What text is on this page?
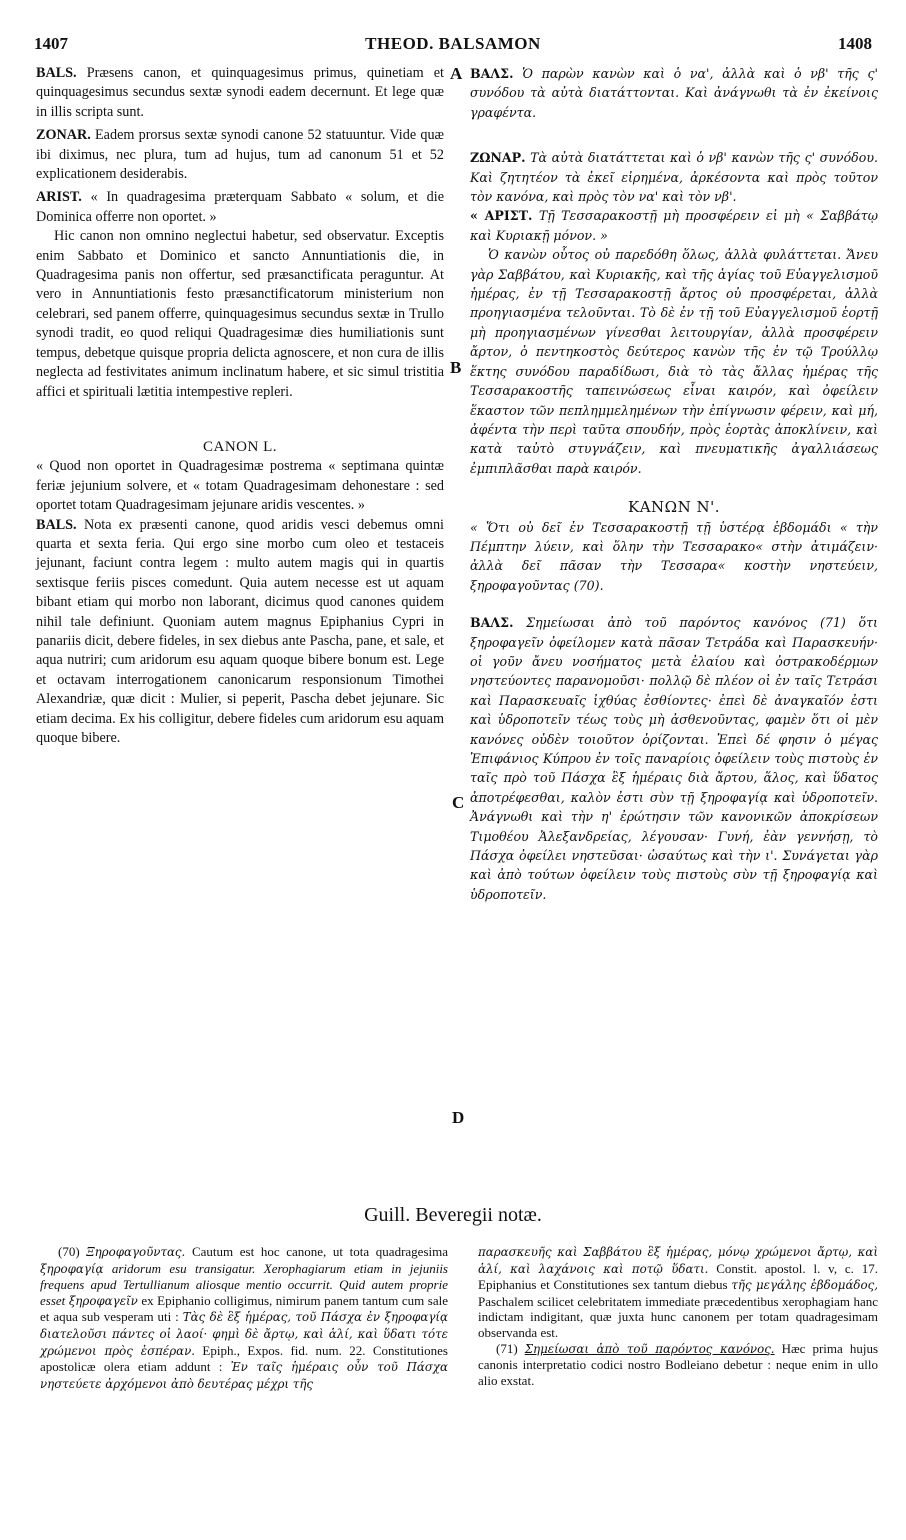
1407	THEOD. BALSAMON	1408
A
B
C
D

BALS. Præsens canon, et quinquagesimus primus, quinetiam et quinquagesimus secundus sextæ synodi eadem decernunt. Et lege quæ in illis scripta sunt.

ZONAR. Eadem prorsus sextæ synodi canone 52 statuuntur. Vide quæ ibi diximus, nec plura, tum ad hujus, tum ad canonum 51 et 52 explicationem desiderabis.

ARIST. « In quadragesima præterquam Sabbato « solum, et die Dominica offerre non oportet. »

Hic canon non omnino neglectui habetur, sed observatur. Exceptis enim Sabbato et Dominico et sancto Annuntiationis die, in Quadragesima panis non offertur, sed præsanctificata peraguntur. At vero in Annuntiationis festo præsanctificatorum ministerium non celebrari, sed panem offerre, quinquagesimus secundus sextæ in Trullo synodi tradit, eo quod reliqui Quadragesimæ dies humiliationis sunt tempus, debetque quisque propria delicta agnoscere, et non cura de illis neglecta ad festivitates animum inclinatum habere, et sic simul tristitia affici et spirituali lætitia intempestive repleri.

CANON L.

« Quod non oportet in Quadragesimæ postrema « septimana quintæ feriæ jejunium solvere, et « totam Quadragesimam dehonestare : sed oportet totam Quadragesimam jejunare aridis vescentes. »

BALS. Nota ex præsenti canone, quod aridis vesci debemus omni quarta et sexta feria. Qui ergo sine morbo cum oleo et testaceis jejunant, faciunt contra legem : multo autem magis qui in quartis sextisque feriis pisces comedunt. Quia autem necesse est ut aquam bibant etiam qui morbo non laborant, dicimus quod canones quidem nihil tale definiunt. Quoniam autem magnus Epiphanius Cypri in panariis dicit, debere fideles, in sex diebus ante Pascha, pane, et sale, et aqua nutriri; cum aridorum esu aquam quoque bibere bonum est. Lege et octavam interrogationem canonicarum responsionum Timothei Alexandriæ, quæ dicit : Mulier, si peperit, Pascha debet jejunare. Sic etiam decima. Ex his colligitur, debere fideles cum aridorum esu aquam quoque bibere.

ΒΑΛΣ. Ὁ παρὼν κανὼν καὶ ὁ να', ἀλλὰ καὶ ὁ νβ' τῆς ς' συνόδου τὰ αὐτὰ διατάττονται. Καὶ ἀνάγνωθι τὰ ἐν ἐκείνοις γραφέντα.

ΖΩΝΑΡ. Τὰ αὐτὰ διατάττεται καὶ ὁ νβ' κανὼν τῆς ς' συνόδου. Καὶ ζητητέον τὰ ἐκεῖ εἰρημένα, ἀρκέσοντα καὶ πρὸς τοῦτον τὸν κανόνα, καὶ πρὸς τὸν να' καὶ τὸν νβ'.

« ΑΡΙΣΤ. Τῇ Τεσσαρακοστῇ μὴ προσφέρειν εἰ μὴ « Σαββάτῳ καὶ Κυριακῇ μόνον. »

Ὁ κανὼν οὗτος οὐ παρεδόθη ὅλως, ἀλλὰ φυλάττεται. Ἄνευ γὰρ Σαββάτου, καὶ Κυριακῆς, καὶ τῆς ἁγίας τοῦ Εὐαγγελισμοῦ ἡμέρας, ἐν τῇ Τεσσαρακοστῇ ἄρτος οὐ προσφέρεται, ἀλλὰ προηγιασμένα τελοῦνται. Τὸ δὲ ἐν τῇ τοῦ Εὐαγγελισμοῦ ἑορτῇ μὴ προηγιασμένων γίνεσθαι λειτουργίαν, ἀλλὰ προσφέρειν ἄρτον, ὁ πεντηκοστὸς δεύτερος κανὼν τῆς ἐν τῷ Τρούλλῳ ἕκτης συνόδου παραδίδωσι, διὰ τὸ τὰς ἄλλας ἡμέρας τῆς Τεσσαρακοστῆς ταπεινώσεως εἶναι καιρόν, καὶ ὀφείλειν ἕκαστον τῶν πεπλημμελημένων τὴν ἐπίγνωσιν φέρειν, καὶ μή, ἀφέντα τὴν περὶ ταῦτα σπουδήν, πρὸς ἑορτὰς ἀποκλίνειν, καὶ κατὰ ταὐτὸ στυγνάζειν, καὶ πνευματικῆς ἀγαλλιάσεως ἐμπιπλᾶσθαι παρὰ καιρόν.

ΚΑΝΩΝ Ν'.

« Ὅτι οὐ δεῖ ἐν Τεσσαρακοστῇ τῇ ὑστέρᾳ ἑβδομάδι « τὴν Πέμπτην λύειν, καὶ ὅλην τὴν Τεσσαρακο« στὴν ἀτιμάζειν· ἀλλὰ δεῖ πᾶσαν τὴν Τεσσαρα« κοστὴν νηστεύειν, ξηροφαγοῦντας (70).

ΒΑΛΣ. Σημείωσαι ἀπὸ τοῦ παρόντος κανόνος (71) ὅτι ξηροφαγεῖν ὀφείλομεν κατὰ πᾶσαν Τετράδα καὶ Παρασκευήν· οἱ γοῦν ἄνευ νοσήματος μετὰ ἐλαίου καὶ ὀστρακοδέρμων νηστεύοντες παρανομοῦσι· πολλῷ δὲ πλέον οἱ ἐν ταῖς Τετράσι καὶ Παρασκευαῖς ἰχθύας ἐσθίοντες· ἐπεὶ δὲ ἀναγκαῖόν ἐστι καὶ ὑδροποτεῖν τέως τοὺς μὴ ἀσθενοῦντας, φαμὲν ὅτι οἱ μὲν κανόνες οὐδὲν τοιοῦτον ὁρίζονται. Ἐπεὶ δέ φησιν ὁ μέγας Ἐπιφάνιος Κύπρου ἐν τοῖς παναρίοις ὀφείλειν τοὺς πιστοὺς ἐν ταῖς πρὸ τοῦ Πάσχα ἓξ ἡμέραις διὰ ἄρτου, ἅλος, καὶ ὕδατος ἀποτρέφεσθαι, καλὸν ἐστι σὺν τῇ ξηροφαγίᾳ καὶ ὑδροποτεῖν. Ἀνάγνωθι καὶ τὴν η' ἐρώτησιν τῶν κανονικῶν ἀποκρίσεων Τιμοθέου Ἀλεξανδρείας, λέγουσαν· Γυνή, ἐὰν γεννήσῃ, τὸ Πάσχα ὀφείλει νηστεῦσαι· ὡσαύτως καὶ τὴν ι'. Συνάγεται γὰρ καὶ ἀπὸ τούτων ὀφείλειν τοὺς πιστοὺς σὺν τῇ ξηροφαγίᾳ καὶ ὑδροποτεῖν.

Guill. Beveregii notæ.

(70) Ξηροφαγοῦντας. Cautum est hoc canone, ut tota quadragesima ξηροφαγίᾳ aridorum esu transigatur. Xerophagiarum etiam in jejuniis frequens apud Tertullianum aliosque mentio occurrit. Quid autem proprie esset ξηροφαγεῖν ex Epiphanio colligimus, nimirum panem tantum cum sale et aqua sub vesperam uti : Τὰς δὲ ἓξ ἡμέρας, τοῦ Πάσχα ἐν ξηροφαγίᾳ διατελοῦσι πάντες οἱ λαοί· φημὶ δὲ ἄρτῳ, καὶ ἁλί, καὶ ὕδατι τότε χρώμενοι πρὸς ἑσπέραν. Epiph., Expos. fid. num. 22. Constitutiones apostolicæ olera etiam addunt : Ἐν ταῖς ἡμέραις οὖν τοῦ Πάσχα νηστεύετε ἀρχόμενοι ἀπὸ δευτέρας μέχρι τῆς

παρασκευῆς καὶ Σαββάτου ἓξ ἡμέρας, μόνῳ χρώμενοι ἄρτῳ, καὶ ἁλί, καὶ λαχάνοις καὶ ποτῷ ὕδατι. Constit. apostol. l. v, c. 17. Epiphanius et Constitutiones sex tantum diebus τῆς μεγάλης ἑβδομάδος, Paschalem scilicet celebritatem immediate præcedentibus xerophagiam hanc indictam indigitant, quæ juxta hunc canonem per totam quadragesimam observanda est.

(71) Σημείωσαι ἀπὸ τοῦ παρόντος κανόνος. Hæc prima hujus canonis interpretatio codici nostro Bodleiano debetur : neque enim in ullo alio exstat.
